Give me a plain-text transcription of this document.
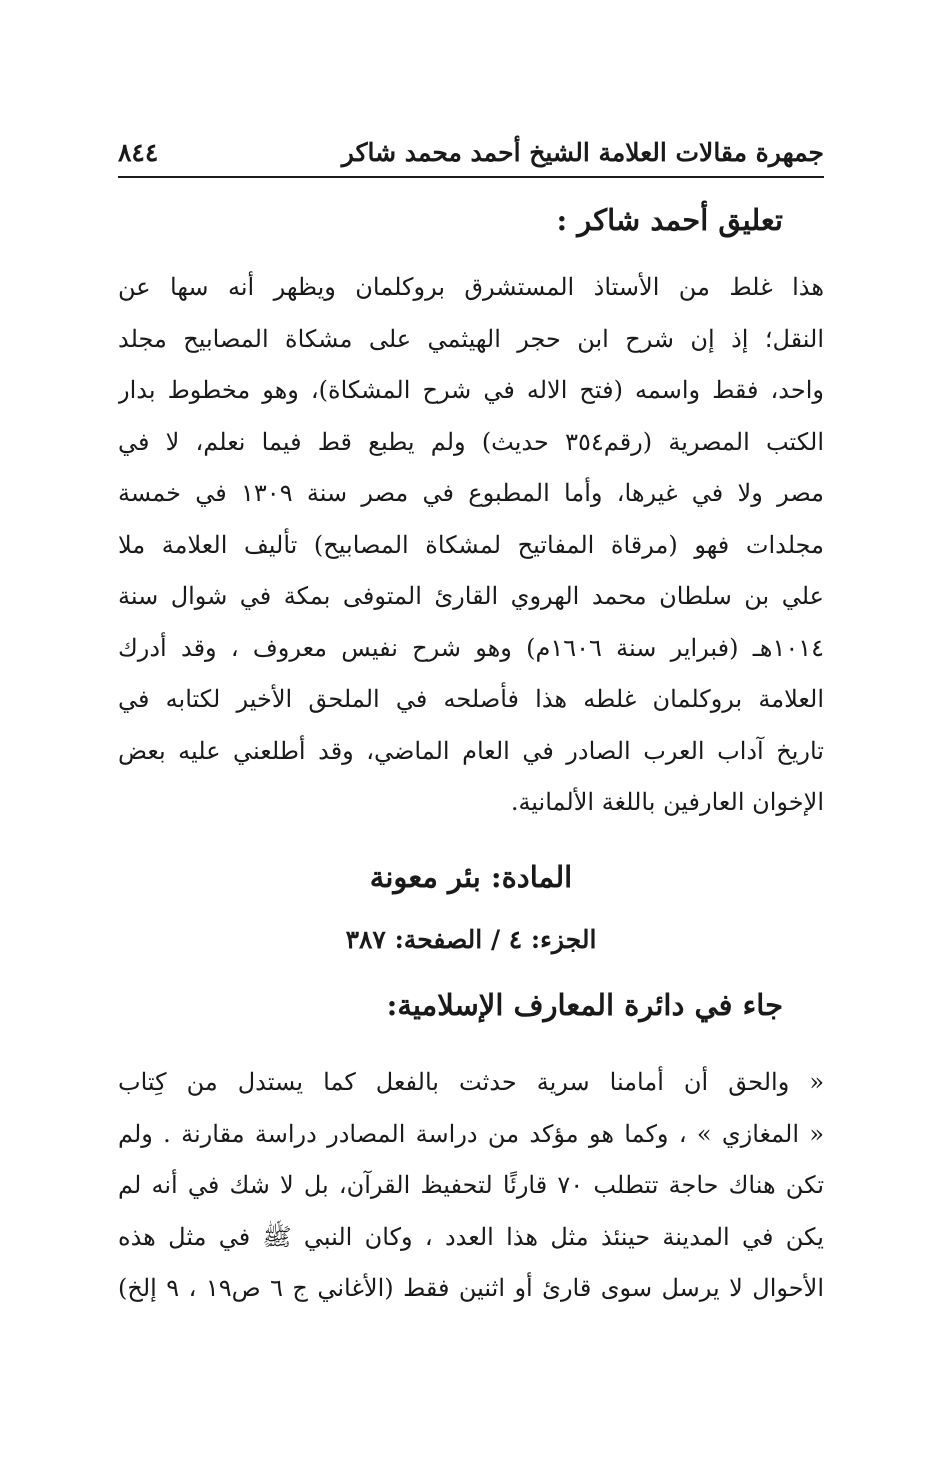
جمهرة مقالات العلامة الشيخ أحمد محمد شاكر
٨٤٤
تعليق أحمد شاكر :
هذا غلط من الأستاذ المستشرق بروكلمان ويظهر أنه سها عن
النقل؛ إذ إن شرح ابن حجر الهيثمي على مشكاة المصابيح مجلد
واحد، فقط واسمه (فتح الاله في شرح المشكاة)، وهو مخطوط بدار
الكتب المصرية (رقم٣٥٤ حديث) ولم يطبع قط فيما نعلم، لا في
مصر ولا في غيرها، وأما المطبوع في مصر سنة ١٣٠٩ في خمسة
مجلدات فهو (مرقاة المفاتيح لمشكاة المصابيح) تأليف العلامة ملا
علي بن سلطان محمد الهروي القارئ المتوفى بمكة في شوال سنة
١٠١٤هـ (فبراير سنة ١٦٠٦م) وهو شرح نفيس معروف ، وقد أدرك
العلامة بروكلمان غلطه هذا فأصلحه في الملحق الأخير لكتابه في
تاريخ آداب العرب الصادر في العام الماضي، وقد أطلعني عليه بعض
الإخوان العارفين باللغة الألمانية.
المادة: بئر معونة
الجزء: ٤ / الصفحة: ٣٨٧
جاء في دائرة المعارف الإسلامية:
« والحق أن أمامنا سرية حدثت بالفعل كما يستدل من كِتاب
« المغازي » ، وكما هو مؤكد من دراسة المصادر دراسة مقارنة . ولم
تكن هناك حاجة تتطلب ٧٠ قارئًا لتحفيظ القرآن، بل لا شك في أنه لم
يكن في المدينة حينئذ مثل هذا العدد ، وكان النبي ﷺ في مثل هذه
الأحوال لا يرسل سوى قارئ أو اثنين فقط (الأغاني ج ٦ ص١٩ ، ٩ إلخ)
